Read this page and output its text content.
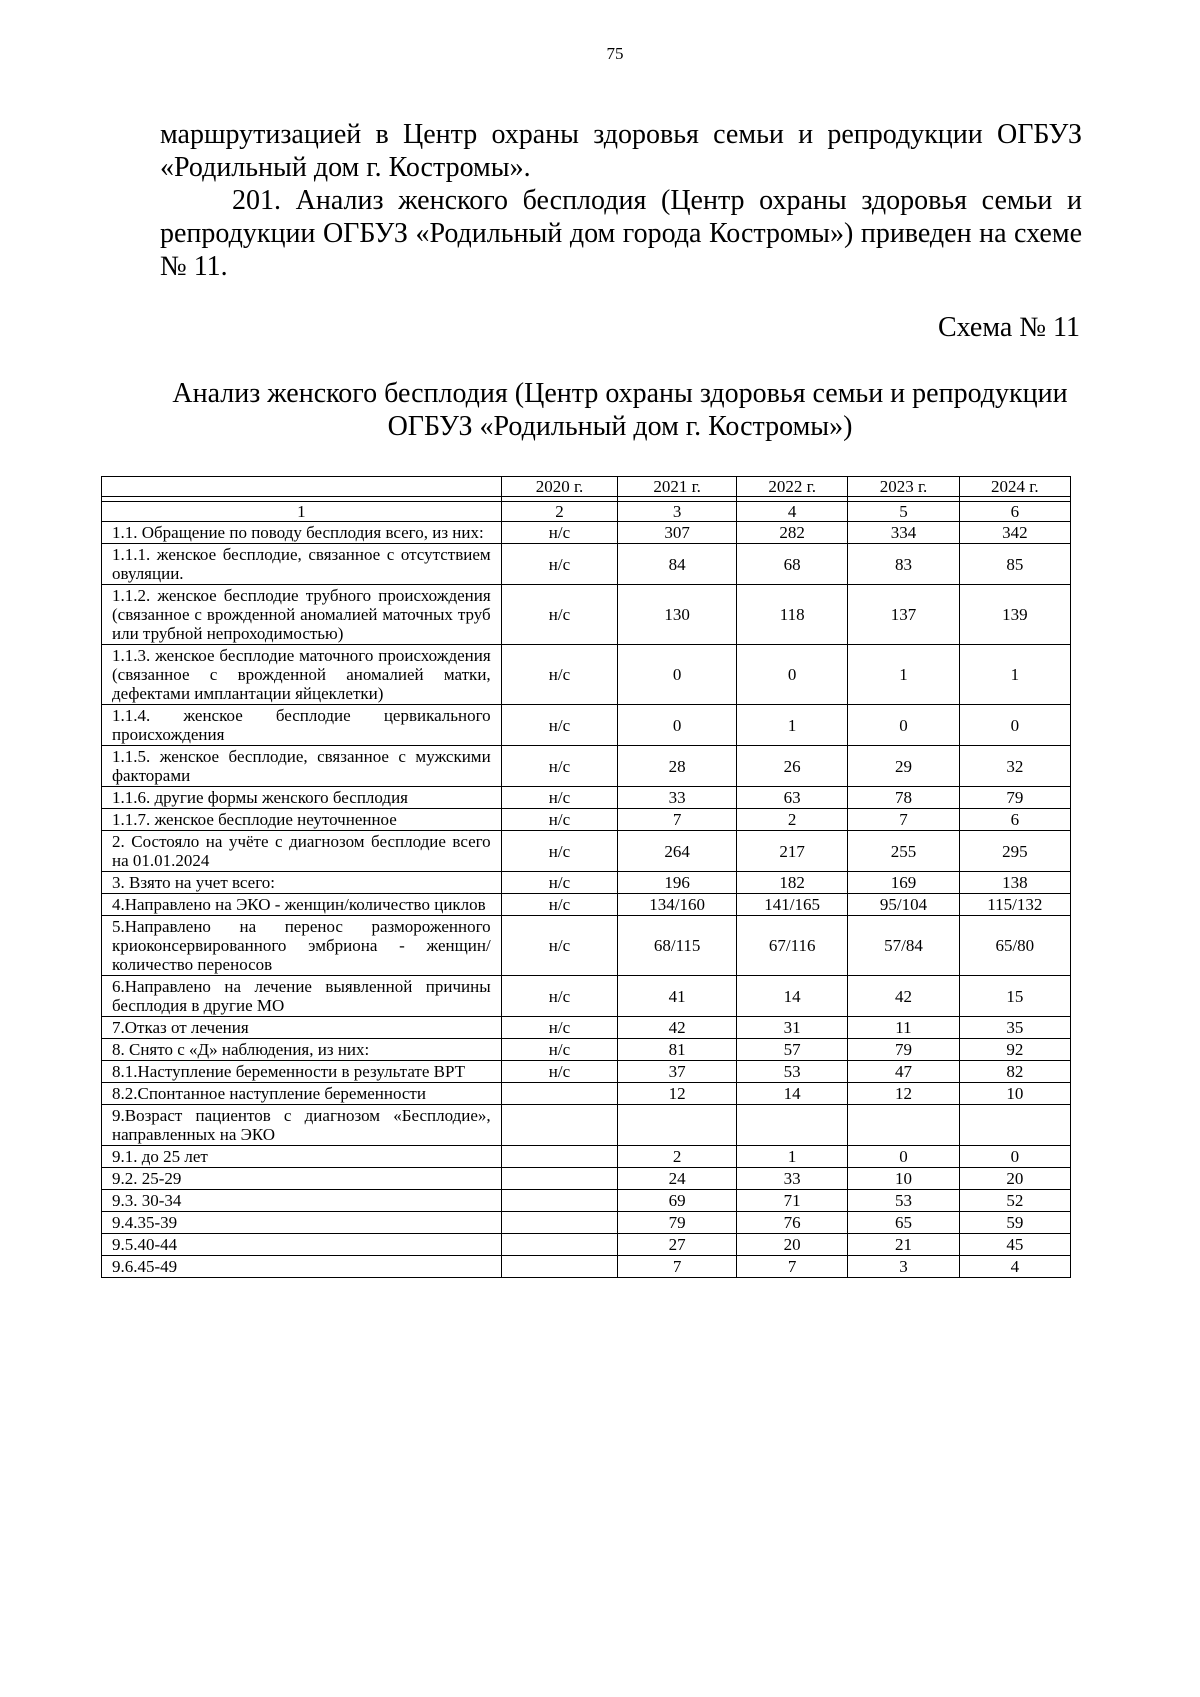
75
маршрутизацией в Центр охраны здоровья семьи и репродукции ОГБУЗ «Родильный дом г. Костромы».
201. Анализ женского бесплодия (Центр охраны здоровья семьи и репродукции ОГБУЗ «Родильный дом города Костромы») приведен на схеме № 11.
Схема № 11
Анализ женского бесплодия (Центр охраны здоровья семьи и репродукции ОГБУЗ «Родильный дом г. Костромы»)
	2020 г.	2021 г.	2022 г.	2023 г.	2024 г.

1	2	3	4	5	6
1.1. Обращение по поводу бесплодия всего, из них:	н/с	307	282	334	342
1.1.1. женское бесплодие, связанное с отсутствием овуляции.	н/с	84	68	83	85
1.1.2. женское бесплодие трубного происхождения (связанное с врожденной аномалией маточных труб или трубной непроходимостью)	н/с	130	118	137	139
1.1.3. женское бесплодие маточного происхождения (связанное с врожденной аномалией матки, дефектами имплантации яйцеклетки)	н/с	0	0	1	1
1.1.4. женское бесплодие цервикального происхождения	н/с	0	1	0	0
1.1.5. женское бесплодие, связанное с мужскими факторами	н/с	28	26	29	32
1.1.6. другие формы женского бесплодия	н/с	33	63	78	79
1.1.7. женское бесплодие неуточненное	н/с	7	2	7	6
2. Состояло на учёте с диагнозом бесплодие всего на 01.01.2024	н/с	264	217	255	295
3. Взято на учет всего:	н/с	196	182	169	138
4.Направлено на ЭКО - женщин/количество циклов	н/с	134/160	141/165	95/104	115/132
5.Направлено на перенос размороженного криоконсервированного эмбриона - женщин/количество переносов	н/с	68/115	67/116	57/84	65/80
6.Направлено на лечение выявленной причины бесплодия в другие МО	н/с	41	14	42	15
7.Отказ от лечения	н/с	42	31	11	35
8. Снято с «Д» наблюдения, из них:	н/с	81	57	79	92
8.1.Наступление беременности в результате ВРТ	н/с	37	53	47	82
8.2.Спонтанное наступление беременности		12	14	12	10
9.Возраст пациентов с диагнозом «Бесплодие», направленных на ЭКО					
9.1. до 25 лет		2	1	0	0
9.2. 25-29		24	33	10	20
9.3. 30-34		69	71	53	52
9.4.35-39		79	76	65	59
9.5.40-44		27	20	21	45
9.6.45-49		7	7	3	4
